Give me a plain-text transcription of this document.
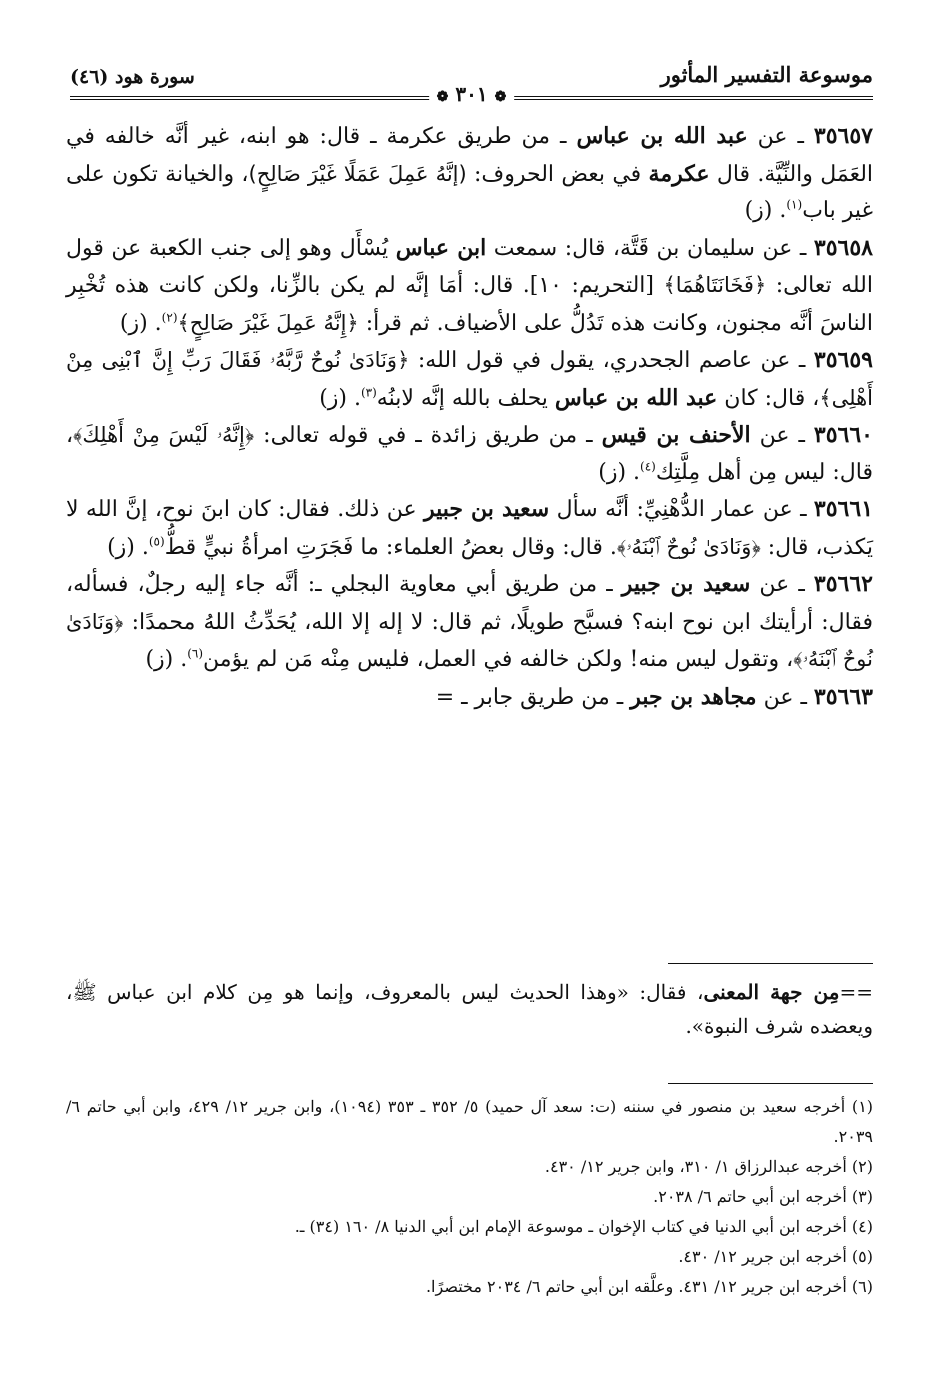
موسوعة التفسير المأثور
❁ ٣٠١ ❁
سورة هود (٤٦)

٣٥٦٥٧ ـ عن عبد الله بن عباس ـ من طريق عكرمة ـ قال: هو ابنه، غير أنَّه خالفه في العَمَل والنِّيَّة. قال عكرمة في بعض الحروف: (إنَّهُ عَمِلَ عَمَلًا غَيْرَ صَالِحٍ)، والخيانة تكون على غير باب$^{(١)}$. (ز)

٣٥٦٥٨ ـ عن سليمان بن قَتَّة، قال: سمعت ابن عباس يُسْأَل وهو إلى جنب الكعبة عن قول الله تعالى: ﴿فَخَانَتَاهُمَا﴾ [التحريم: ١٠]. قال: أمَا إنَّه لم يكن بالزِّنا، ولكن كانت هذه تُخْبِر الناسَ أنَّه مجنون، وكانت هذه تَدُلُّ على الأضياف. ثم قرأ: ﴿إِنَّهُ عَمِلَ غَيْرَ صَالِحٍ﴾$^{(٢)}$. (ز)

٣٥٦٥٩ ـ عن عاصم الجحدري، يقول في قول الله: ﴿وَنَادَىٰ نُوحٌ رَّبَّهُۥ فَقَالَ رَبِّ إِنَّ ٱبْنِى مِنْ أَهْلِى﴾، قال: كان عبد الله بن عباس يحلف بالله إنَّه لابنُه$^{(٣)}$. (ز)

٣٥٦٦٠ ـ عن الأحنف بن قيس ـ من طريق زائدة ـ في قوله تعالى: ﴿إِنَّهُۥ لَيْسَ مِنْ أَهْلِكَ﴾، قال: ليس مِن أهل مِلَّتِك$^{(٤)}$. (ز)

٣٥٦٦١ ـ عن عمار الدُّهْنِيِّ: أنَّه سأل سعيد بن جبير عن ذلك. فقال: كان ابنَ نوح، إنَّ الله لا يَكذب، قال: ﴿وَنَادَىٰ نُوحٌ ٱبْنَهُۥ﴾. قال: وقال بعضُ العلماء: ما فَجَرَتِ امرأةُ نبيٍّ قطُّ$^{(٥)}$. (ز)

٣٥٦٦٢ ـ عن سعيد بن جبير ـ من طريق أبي معاوية البجلي ـ: أنَّه جاء إليه رجلٌ، فسأله، فقال: أرأيتك ابن نوح ابنه؟ فسبَّح طويلًا، ثم قال: لا إله إلا الله، يُحَدِّثُ اللهُ محمدًا: ﴿وَنَادَىٰ نُوحٌ ٱبْنَهُۥ﴾، وتقول ليس منه! ولكن خالفه في العمل، فليس مِنْه مَن لم يؤمن$^{(٦)}$. (ز)

٣٥٦٦٣ ـ عن مجاهد بن جبر ـ من طريق جابر ـ =

==مِن جهة المعنى، فقال: «وهذا الحديث ليس بالمعروف، وإنما هو مِن كلام ابن عباس ﷺ، ويعضده شرف النبوة».

(١) أخرجه سعيد بن منصور في سننه (ت: سعد آل حميد) ٥/ ٣٥٢ ـ ٣٥٣ (١٠٩٤)، وابن جرير ١٢/ ٤٢٩، وابن أبي حاتم ٦/ ٢٠٣٩.

(٢) أخرجه عبدالرزاق ١/ ٣١٠، وابن جرير ١٢/ ٤٣٠.

(٣) أخرجه ابن أبي حاتم ٦/ ٢٠٣٨.

(٤) أخرجه ابن أبي الدنيا في كتاب الإخوان ـ موسوعة الإمام ابن أبي الدنيا ٨/ ١٦٠ (٣٤) ـ.

(٥) أخرجه ابن جرير ١٢/ ٤٣٠.

(٦) أخرجه ابن جرير ١٢/ ٤٣١. وعلَّقه ابن أبي حاتم ٦/ ٢٠٣٤ مختصرًا.
